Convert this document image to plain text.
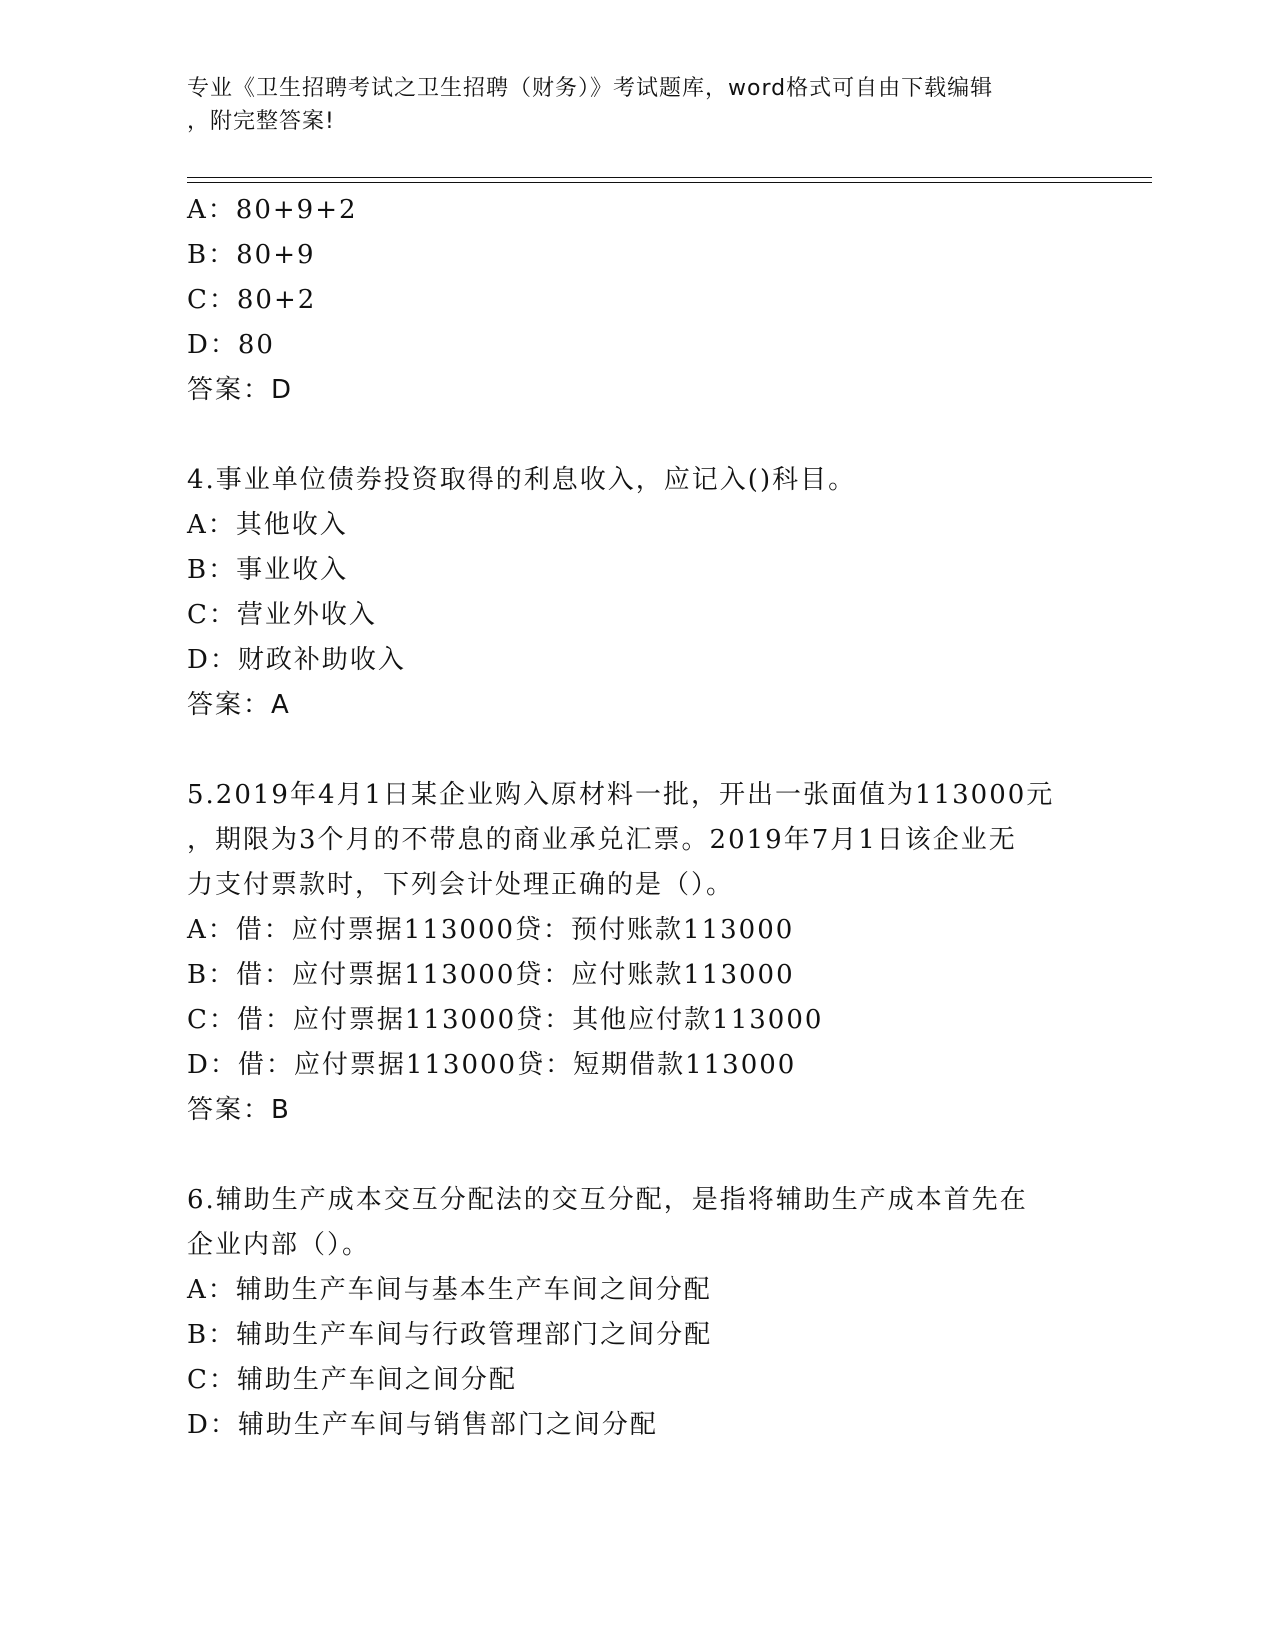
专业《卫生招聘考试之卫生招聘（财务）》考试题库，word格式可自由下载编辑
，附完整答案!
A：80+9+2
B：80+9
C：80+2
D：80
答案：D
4.事业单位债券投资取得的利息收入，应记入()科目。
A：其他收入
B：事业收入
C：营业外收入
D：财政补助收入
答案：A
5.2019年4月1日某企业购入原材料一批，开出一张面值为113000元
，期限为3个月的不带息的商业承兑汇票。2019年7月1日该企业无
力支付票款时，下列会计处理正确的是（）。
A：借：应付票据113000贷：预付账款113000
B：借：应付票据113000贷：应付账款113000
C：借：应付票据113000贷：其他应付款113000
D：借：应付票据113000贷：短期借款113000
答案：B
6.辅助生产成本交互分配法的交互分配，是指将辅助生产成本首先在
企业内部（）。
A：辅助生产车间与基本生产车间之间分配
B：辅助生产车间与行政管理部门之间分配
C：辅助生产车间之间分配
D：辅助生产车间与销售部门之间分配
